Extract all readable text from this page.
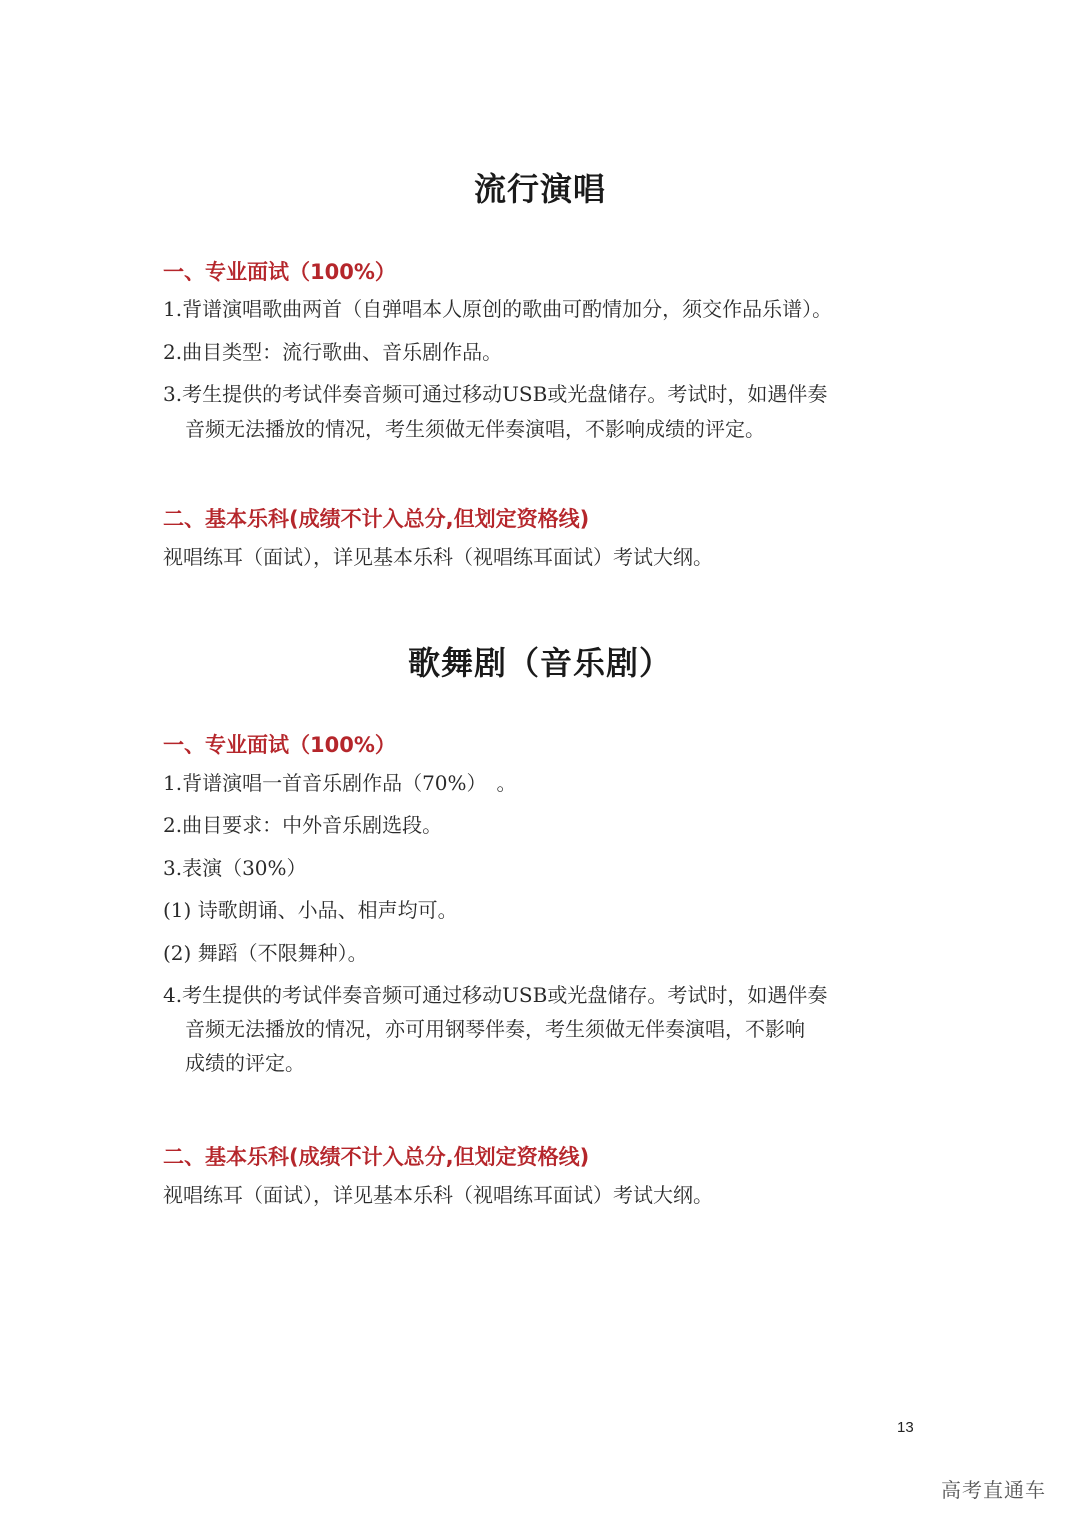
流行演唱
一、专业面试（100%）
1.背谱演唱歌曲两首（自弹唱本人原创的歌曲可酌情加分，须交作品乐谱）。
2.曲目类型：流行歌曲、音乐剧作品。
3.考生提供的考试伴奏音频可通过移动USB或光盘储存。考试时，如遇伴奏
音频无法播放的情况，考生须做无伴奏演唱，不影响成绩的评定。
二、基本乐科(成绩不计入总分,但划定资格线)
视唱练耳（面试），详见基本乐科（视唱练耳面试）考试大纲。
歌舞剧（音乐剧）
一、专业面试（100%）
1.背谱演唱一首音乐剧作品（70%）　。
2.曲目要求：中外音乐剧选段。
3.表演（30%）
(1) 诗歌朗诵、小品、相声均可。
(2) 舞蹈（不限舞种）。
4.考生提供的考试伴奏音频可通过移动USB或光盘储存。考试时，如遇伴奏
音频无法播放的情况，亦可用钢琴伴奏，考生须做无伴奏演唱，不影响
成绩的评定。
二、基本乐科(成绩不计入总分,但划定资格线)
视唱练耳（面试），详见基本乐科（视唱练耳面试）考试大纲。
13
高考直通车
